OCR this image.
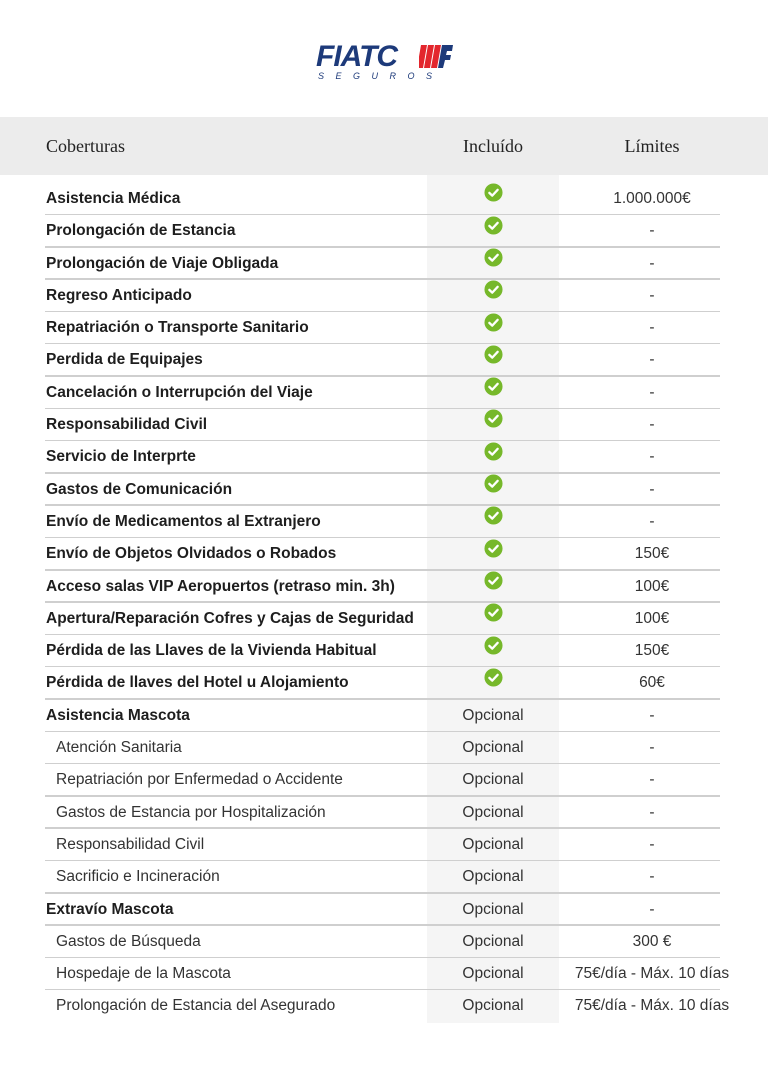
FIATC
SEGUROS
Coberturas	Incluído	Límites
Asistencia Médica	1.000.000€
Prolongación de Estancia	-
Prolongación de Viaje Obligada	-
Regreso Anticipado	-
Repatriación o Transporte Sanitario	-
Perdida de Equipajes	-
Cancelación o Interrupción del Viaje	-
Responsabilidad Civil	-
Servicio de Interprte	-
Gastos de Comunicación	-
Envío de Medicamentos al Extranjero	-
Envío de Objetos Olvidados o Robados	150€
Acceso salas VIP Aeropuertos (retraso min. 3h)	100€
Apertura/Reparación Cofres y Cajas de Seguridad	100€
Pérdida de las Llaves de la Vivienda Habitual	150€
Pérdida de llaves del Hotel u Alojamiento	60€
Asistencia Mascota	Opcional	-
Atención Sanitaria	Opcional	-
Repatriación por Enfermedad o Accidente	Opcional	-
Gastos de Estancia por Hospitalización	Opcional	-
Responsabilidad Civil	Opcional	-
Sacrificio e Incineración	Opcional	-
Extravío Mascota	Opcional	-
Gastos de Búsqueda	Opcional	300 €
Hospedaje de la Mascota	Opcional	75€/día - Máx. 10 días
Prolongación de Estancia del Asegurado	Opcional	75€/día - Máx. 10 días
